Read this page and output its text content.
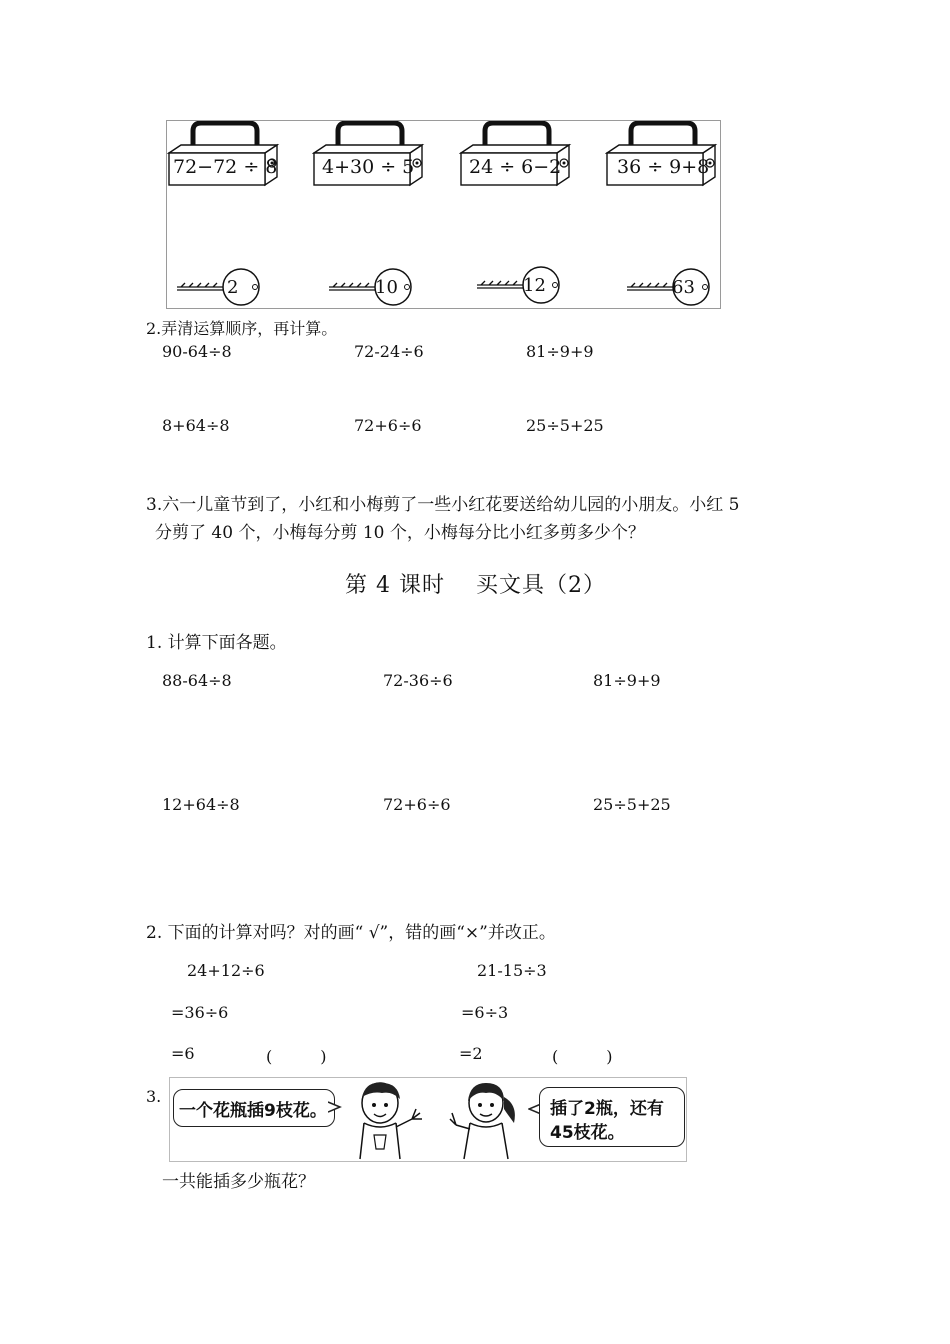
72−72 ÷ 8 4+30 ÷ 5	24 ÷ 6−2	36 ÷ 9+8
2	10	12	63
2.弄清运算顺序，再计算。
90-64÷8	72-24÷6	81÷9+9
8+64÷8	72+6÷6	25÷5+25
3.六一儿童节到了，小红和小梅剪了一些小红花要送给幼儿园的小朋友。小红 5
分剪了 40 个，小梅每分剪 10 个，小梅每分比小红多剪多少个？
第 4 课时　 买文具（2）
1. 计算下面各题。
88-64÷8	72-36÷6	81÷9+9
12+64÷8	72+6÷6	25÷5+25
2. 下面的计算对吗？对的画“ √”，错的画“×”并改正。
24+12÷6
=36÷6
=6	(　　　)
21-15÷3
=6÷3
=2	(　　　)
3.
一个花瓶插9枝花。	插了2瓶，还有
45枝花。
一共能插多少瓶花？
